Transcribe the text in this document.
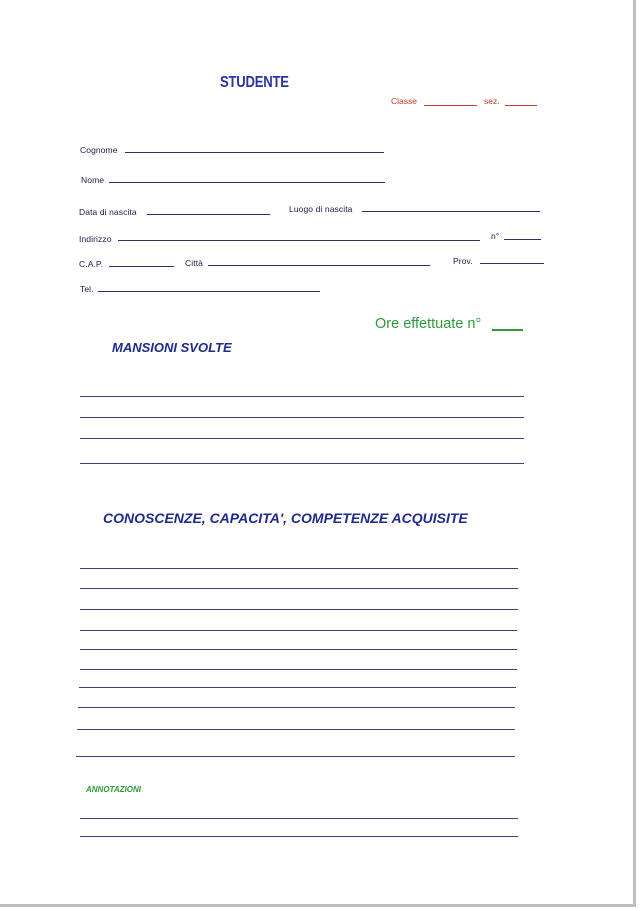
STUDENTE
Classe	sez.
Cognome
Nome
Data di nascita	Luogo di nascita
Indirizzo	n°
C.A.P.	Città	Prov.
Tel.
Ore effettuate n°
MANSIONI SVOLTE
CONOSCENZE, CAPACITA', COMPETENZE ACQUISITE
ANNOTAZIONI
